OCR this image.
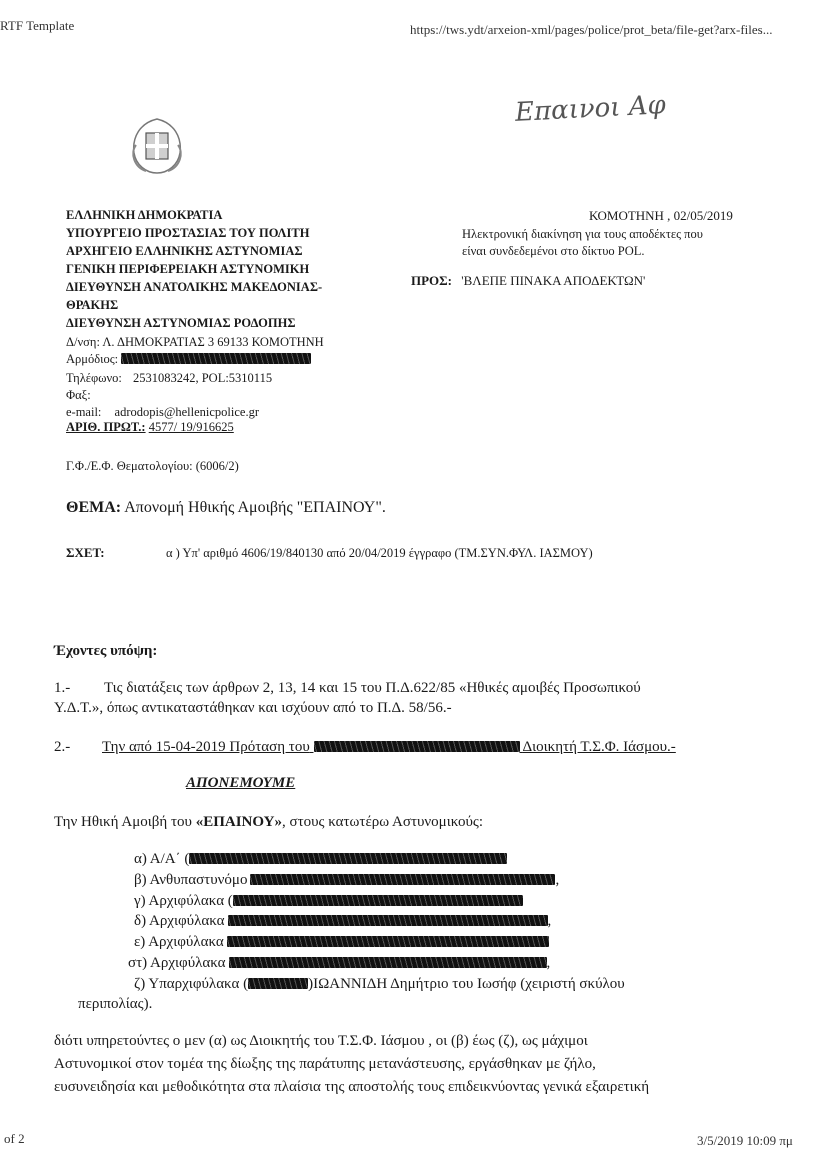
RTF Template	https://tws.ydt/arxeion-xml/pages/police/prot_beta/file-get?arx-files...
of 2	3/5/2019 10:09 πμ
Επαινοι Αφ
ΕΛΛΗΝΙΚΗ ΔΗΜΟΚΡΑΤΙΑ
ΥΠΟΥΡΓΕΙΟ ΠΡΟΣΤΑΣΙΑΣ ΤΟΥ ΠΟΛΙΤΗ
ΑΡΧΗΓΕΙΟ ΕΛΛΗΝΙΚΗΣ ΑΣΤΥΝΟΜΙΑΣ
ΓΕΝΙΚΗ ΠΕΡΙΦΕΡΕΙΑΚΗ ΑΣΤΥΝΟΜΙΚΗ
ΔΙΕΥΘΥΝΣΗ ΑΝΑΤΟΛΙΚΗΣ ΜΑΚΕΔΟΝΙΑΣ-
ΘΡΑΚΗΣ
ΔΙΕΥΘΥΝΣΗ ΑΣΤΥΝΟΜΙΑΣ ΡΟΔΟΠΗΣ
Δ/νση: Λ. ΔΗΜΟΚΡΑΤΙΑΣ 3 69133 ΚΟΜΟΤΗΝΗ
Αρμόδιος:
Τηλέφωνο: 2531083242, POL:5310115
Φαξ:
e-mail: adrodopis@hellenicpolice.gr
ΑΡΙΘ. ΠΡΩΤ.: 4577/ 19/916625
ΚΟΜΟΤΗΝΗ , 02/05/2019
Ηλεκτρονική διακίνηση για τους αποδέκτες που
είναι συνδεδεμένοι στο δίκτυο POL.
ΠΡΟΣ: 'ΒΛΕΠΕ ΠΙΝΑΚΑ ΑΠΟΔΕΚΤΩΝ'
Γ.Φ./Ε.Φ. Θεματολογίου: (6006/2)
ΘΕΜΑ: Απονομή Ηθικής Αμοιβής "ΕΠΑΙΝΟΥ".
ΣΧΕΤ:	α ) Υπ' αριθμό 4606/19/840130 από 20/04/2019 έγγραφο (ΤΜ.ΣΥΝ.ΦΥΛ. ΙΑΣΜΟΥ)
Έχοντες υπόψη:
1.- Τις διατάξεις των άρθρων 2, 13, 14 και 15 του Π.Δ.622/85 «Ηθικές αμοιβές Προσωπικού
Υ.Δ.Τ.», όπως αντικαταστάθηκαν και ισχύουν από το Π.Δ. 58/56.-
2.- Την από 15-04-2019 Πρόταση του	Διοικητή Τ.Σ.Φ. Ιάσμου.-
ΑΠΟΝΕΜΟΥΜΕ
Την Ηθική Αμοιβή του «ΕΠΑΙΝΟΥ», στους κατωτέρω Αστυνομικούς:
α) Α/Α΄ (
β) Ανθυπαστυνόμο	,
γ) Αρχιφύλακα (
δ) Αρχιφύλακα	,
ε) Αρχιφύλακα
στ) Αρχιφύλακα	,
ζ) Υπαρχιφύλακα (	)ΙΩΑΝΝΙΔΗ Δημήτριο του Ιωσήφ (χειριστή σκύλου
περιπολίας).
διότι υπηρετούντες ο μεν (α) ως Διοικητής του Τ.Σ.Φ. Ιάσμου , οι (β) έως (ζ), ως μάχιμοι
Αστυνομικοί στον τομέα της δίωξης της παράτυπης μετανάστευσης, εργάσθηκαν με ζήλο,
ευσυνειδησία και μεθοδικότητα στα πλαίσια της αποστολής τους επιδεικνύοντας γενικά εξαιρετική
